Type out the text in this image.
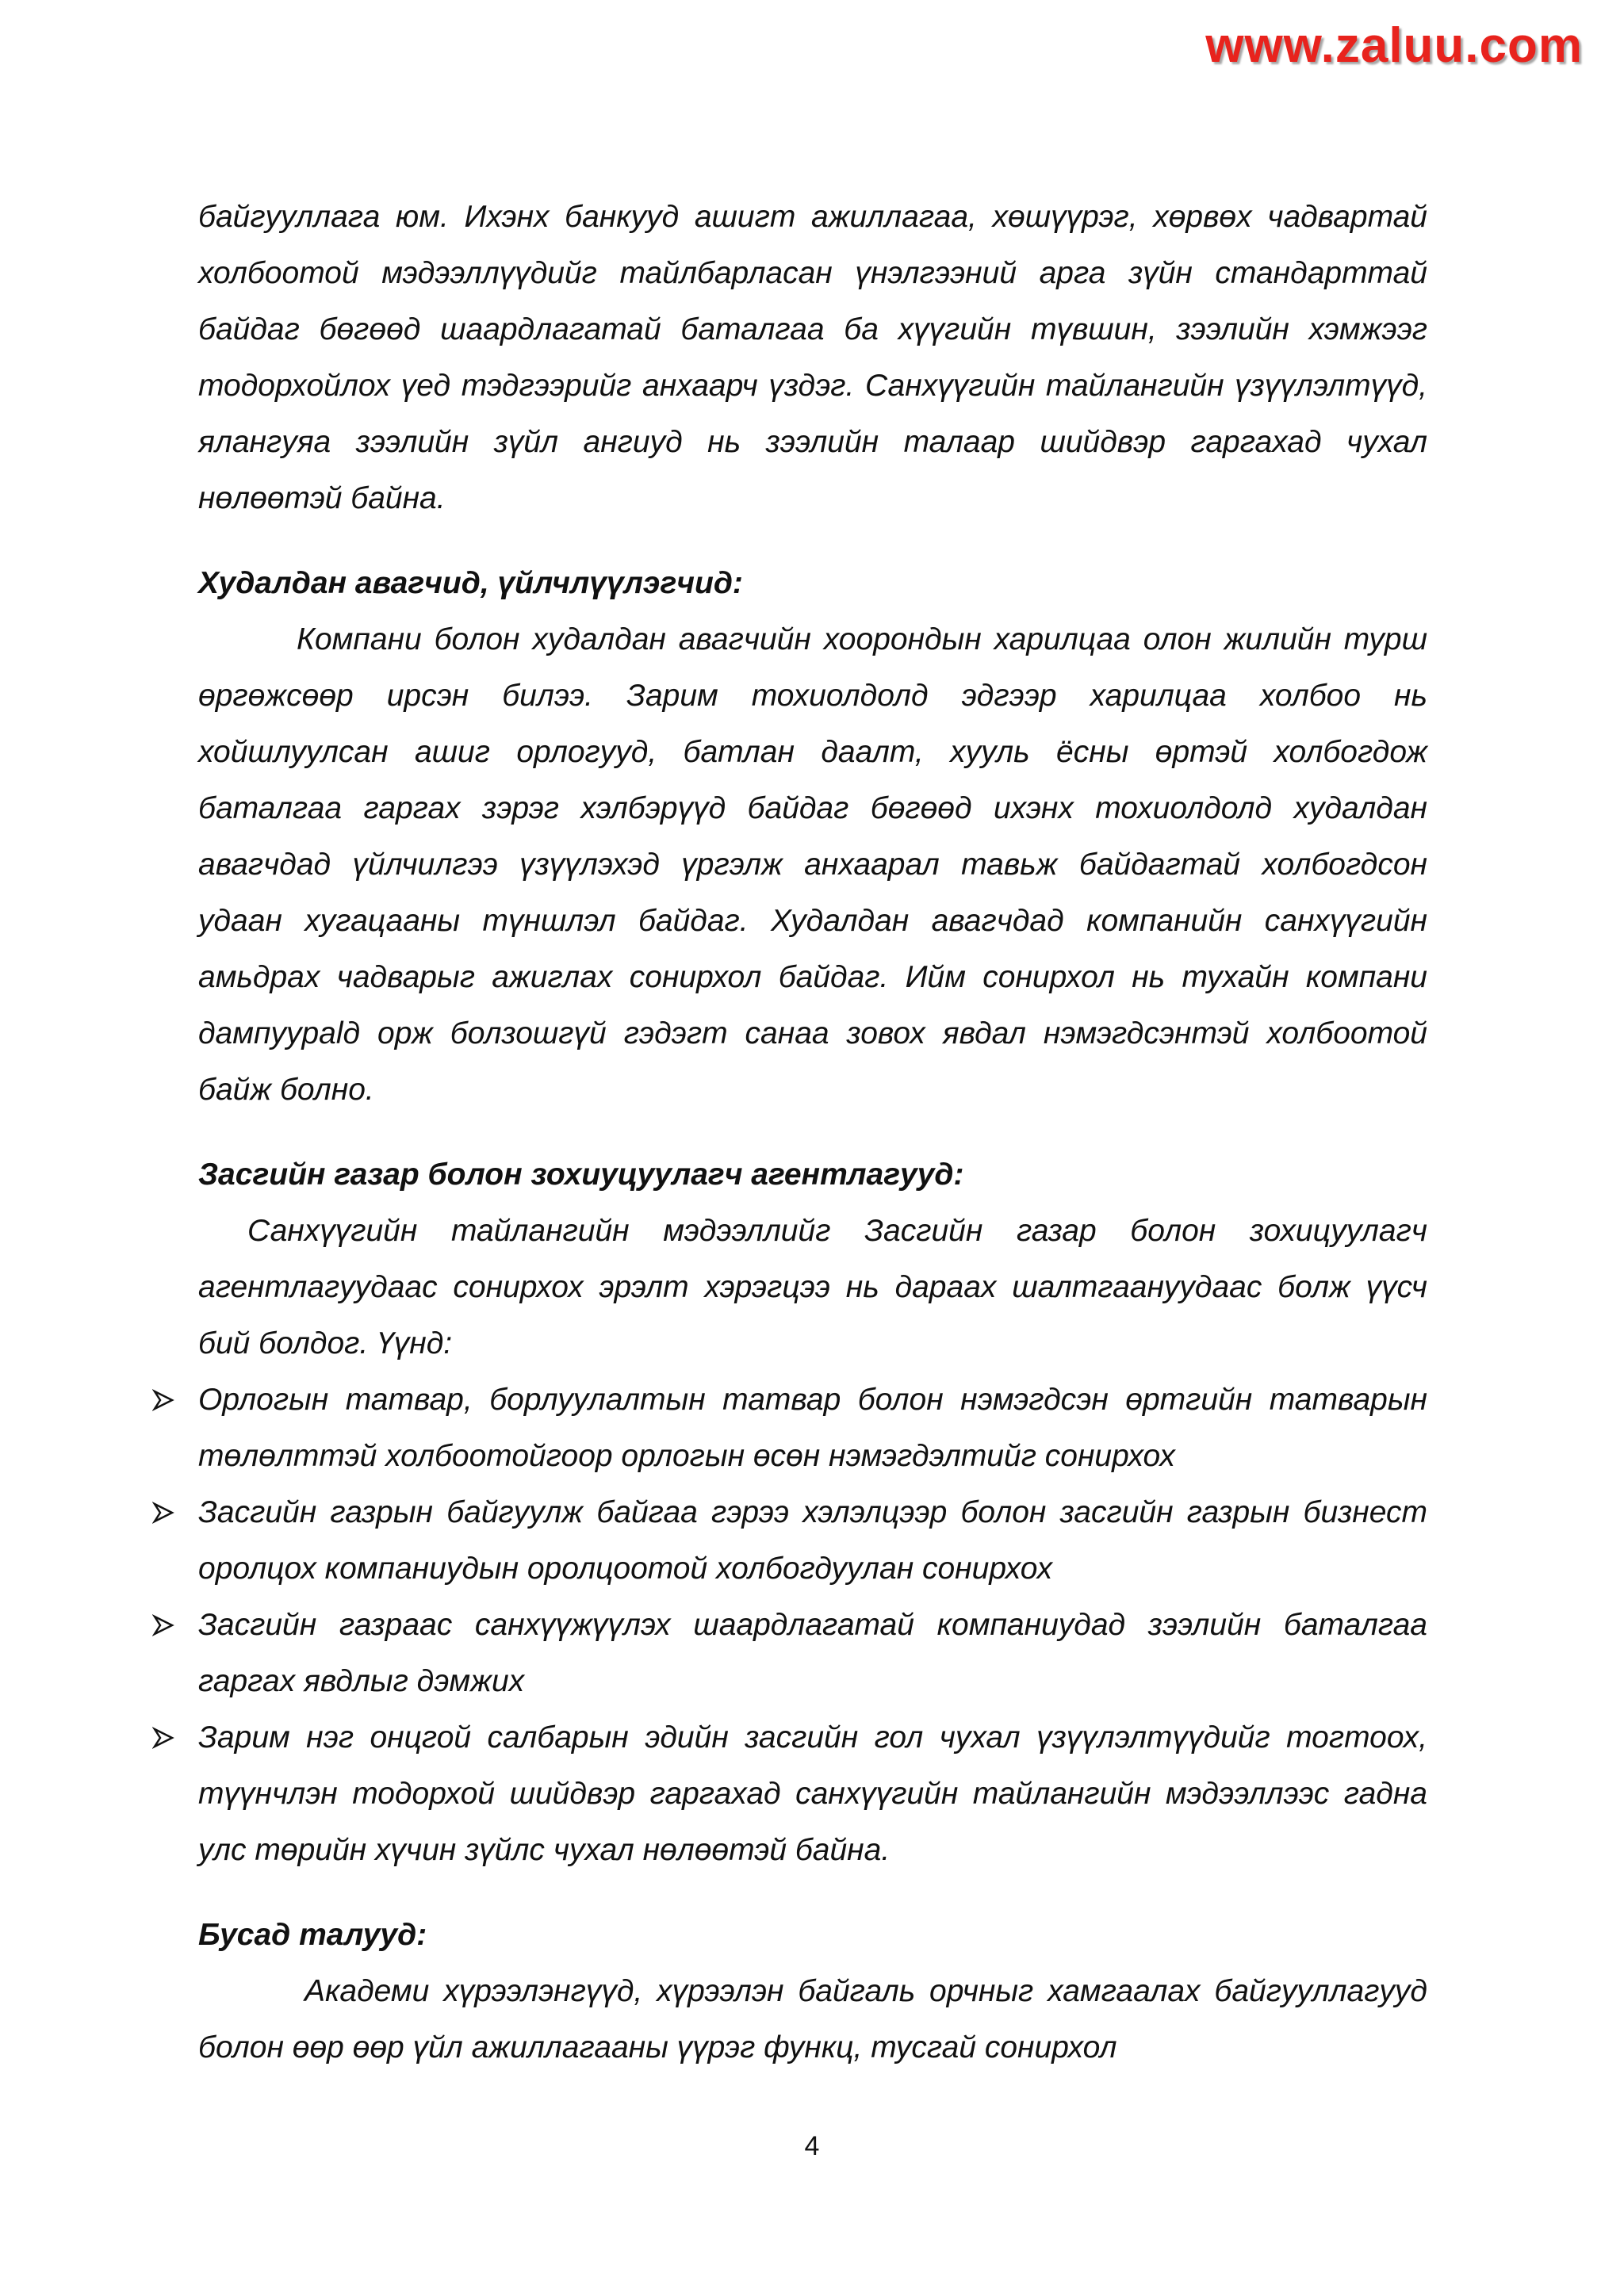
www.zaluu.com

байгууллага юм. Ихэнх банкууд ашигт ажиллагаа, хөшүүрэг, хөрвөх чадвартай холбоотой мэдээллүүдийг тайлбарласан үнэлгээний арга зүйн стандарттай байдаг бөгөөд шаардлагатай баталгаа ба хүүгийн түвшин, зээлийн хэмжээг тодорхойлох үед тэдгээрийг анхаарч үздэг. Санхүүгийн тайлангийн үзүүлэлтүүд, ялангуяа зээлийн зүйл ангиуд нь зээлийн талаар шийдвэр гаргахад чухал нөлөөтэй байна.

Худалдан авагчид, үйлчлүүлэгчид:

Компани болон худалдан авагчийн хоорондын харилцаа олон жилийн турш өргөжсөөр ирсэн билээ. Зарим тохиолдолд эдгээр харилцаа холбоо нь хойшлуулсан ашиг орлогууд, батлан даалт, хууль ёсны өртэй холбогдож баталгаа гаргах зэрэг хэлбэрүүд байдаг бөгөөд ихэнх тохиолдолд худалдан авагчдад үйлчилгээ үзүүлэхэд үргэлж анхаарал тавьж байдагтай холбогдсон удаан хугацааны түншлэл байдаг. Худалдан авагчдад компанийн санхүүгийн амьдрах чадварыг ажиглах сонирхол байдаг. Ийм сонирхол нь тухайн компани дампуурalд орж болзошгүй гэдэгт санаа зовох явдал нэмэгдсэнтэй холбоотой байж болно.

Засгийн газар болон зохиуцуулагч агентлагууд:

Санхүүгийн тайлангийн мэдээллийг Засгийн газар болон зохицуулагч агентлагуудаас сонирхох эрэлт хэрэгцээ нь дараах шалтгаануудаас болж үүсч бий болдог. Үүнд:

Орлогын татвар, борлуулалтын татвар болон нэмэгдсэн өртгийн татварын төлөлттэй холбоотойгоор орлогын өсөн нэмэгдэлтийг сонирхох
Засгийн газрын байгуулж байгаа гэрээ хэлэлцээр болон засгийн газрын бизнест оролцох компаниудын оролцоотой холбогдуулан сонирхох
Засгийн газраас санхүүжүүлэх шаардлагатай компаниудад зээлийн баталгаа гаргах явдлыг дэмжих
Зарим нэг онцгой салбарын эдийн засгийн гол чухал үзүүлэлтүүдийг тогтоох, түүнчлэн тодорхой шийдвэр гаргахад санхүүгийн тайлангийн мэдээллээс гадна улс төрийн хүчин зүйлс чухал нөлөөтэй байна.

Бусад талууд:

Академи хүрээлэнгүүд, хүрээлэн байгаль орчныг хамгаалах байгууллагууд болон өөр өөр үйл ажиллагааны үүрэг функц, тусгай сонирхол

4
